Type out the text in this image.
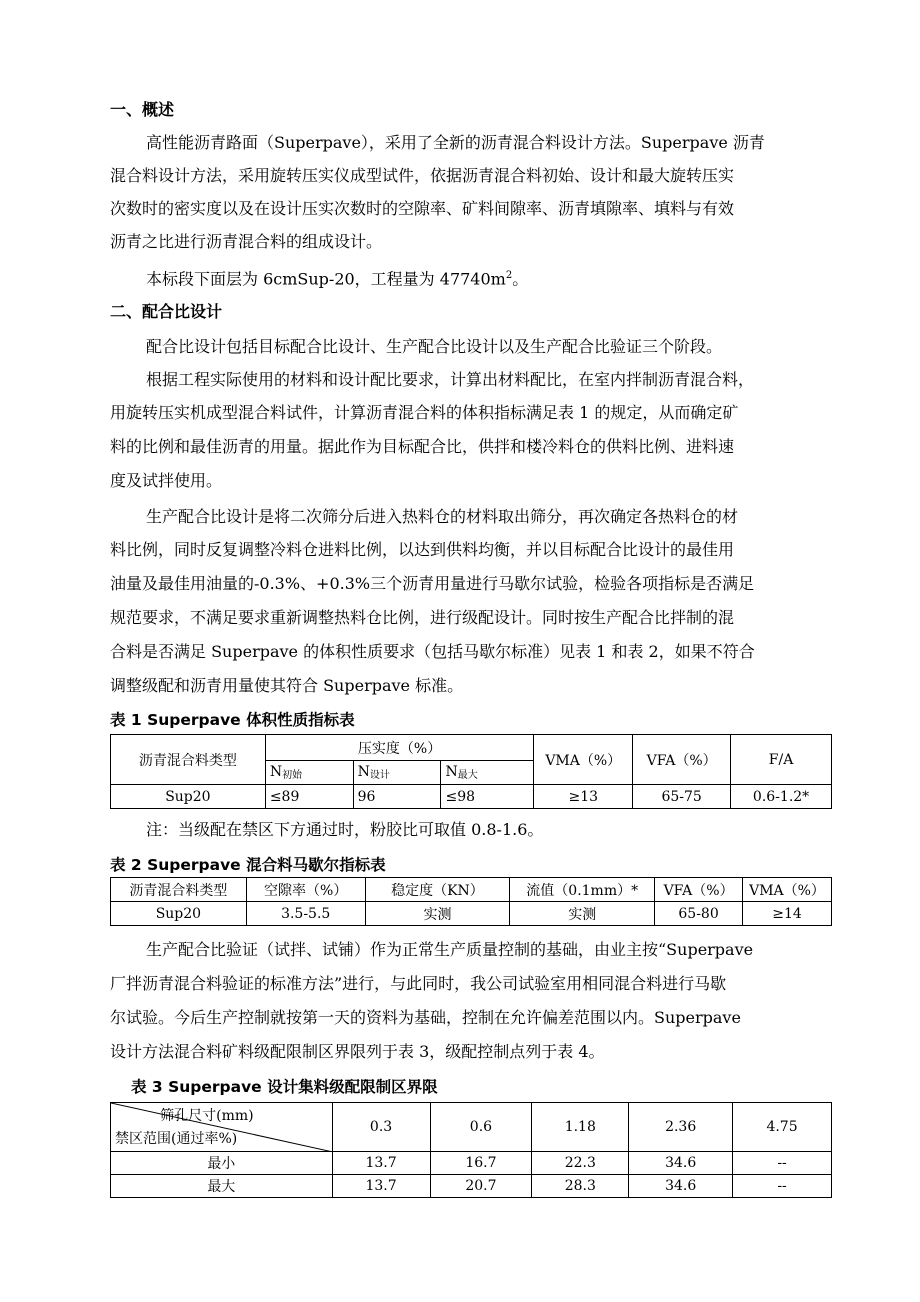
一、概述
高性能沥青路面（Superpave），采用了全新的沥青混合料设计方法。Superpave 沥青
混合料设计方法，采用旋转压实仪成型试件，依据沥青混合料初始、设计和最大旋转压实
次数时的密实度以及在设计压实次数时的空隙率、矿料间隙率、沥青填隙率、填料与有效
沥青之比进行沥青混合料的组成设计。
本标段下面层为 6cmSup-20，工程量为 $47740m^2$。
二、配合比设计
配合比设计包括目标配合比设计、生产配合比设计以及生产配合比验证三个阶段。
根据工程实际使用的材料和设计配比要求，计算出材料配比，在室内拌制沥青混合料，
用旋转压实机成型混合料试件，计算沥青混合料的体积指标满足表 1 的规定，从而确定矿
料的比例和最佳沥青的用量。据此作为目标配合比，供拌和楼冷料仓的供料比例、进料速
度及试拌使用。
生产配合比设计是将二次筛分后进入热料仓的材料取出筛分，再次确定各热料仓的材
料比例，同时反复调整冷料仓进料比例，以达到供料均衡，并以目标配合比设计的最佳用
油量及最佳用油量的-0.3%、+0.3%三个沥青用量进行马歇尔试验，检验各项指标是否满足
规范要求，不满足要求重新调整热料仓比例，进行级配设计。同时按生产配合比拌制的混
合料是否满足 Superpave 的体积性质要求（包括马歇尔标准）见表 1 和表 2，如果不符合
调整级配和沥青用量使其符合 Superpave 标准。
表 1 Superpave 体积性质指标表
沥青混合料类型	压实度（%）			VMA（%）	VFA（%）	F/A
	$N_{初始}$	$N_{设计}$	$N_{最大}$
Sup20	≤89	96	≤98	≥13	65-75	0.6-1.2*
注：当级配在禁区下方通过时，粉胶比可取值 0.8-1.6。
表 2 Superpave 混合料马歇尔指标表
沥青混合料类型	空隙率（%）	稳定度（KN）	流值（0.1mm）*	VFA（%）	VMA（%）
Sup20	3.5-5.5	实测	实测	65-80	≥14
生产配合比验证（试拌、试铺）作为正常生产质量控制的基础，由业主按“Superpave
厂拌沥青混合料验证的标准方法”进行，与此同时，我公司试验室用相同混合料进行马歇
尔试验。今后生产控制就按第一天的资料为基础，控制在允许偏差范围以内。Superpave
设计方法混合料矿料级配限制区界限列于表 3，级配控制点列于表 4。
表 3 Superpave 设计集料级配限制区界限
筛孔尺寸(mm)
禁区范围(通过率%)	0.3	0.6	1.18	2.36	4.75
最小	13.7	16.7	22.3	34.6	--
最大	13.7	20.7	28.3	34.6	--
